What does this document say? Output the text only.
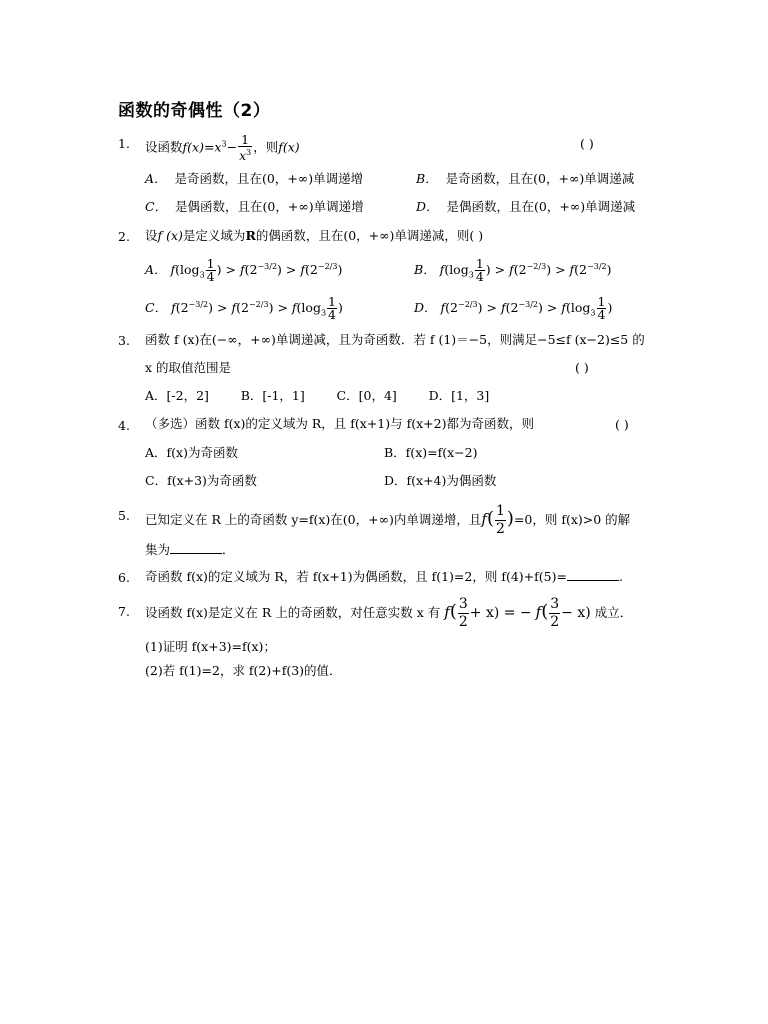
函数的奇偶性（2）
1. 设函数$f(x)=x^3- \frac{1}{x^3}$ ，则f(x)	( )
A． 是奇函数，且在(0，+∞)单调递增	B． 是奇函数，且在(0，+∞)单调递减
C． 是偶函数，且在(0，+∞)单调递增	D． 是偶函数，且在(0，+∞)单调递减
2. 设f (x)是定义域为R的偶函数，且在(0，+∞)单调递减，则( )
A． $f(\log_3 \frac{1}{4}$ ) > $f(2^{-3/2}) > f(2^{-2/3})$	B． $f(\log_3 \frac{1}{4}$ ) > $f(2^{-2/3}) > f(2^{-3/2})$
C． $f(2^{-3/2}) > f(2^{-2/3}) > f(\log_3 \frac{1}{4}$ )	D． $f(2^{-2/3}) > f(2^{-3/2}) > f(\log_3 \frac{1}{4}$ )
3. 函数 f (x)在(−∞，+∞)单调递减，且为奇函数．若 f (1)＝−5，则满足−5≤f (x−2)≤5 的
x 的取值范围是	( )
A．[-2，2]        B．[-1，1]        C．[0，4]        D．[1，3]
4. （多选）函数 f(x)的定义域为 R，且 f(x+1)与 f(x+2)都为奇函数，则	( )
A．f(x)为奇函数	B．f(x)=f(x−2)
C．f(x+3)为奇函数	D．f(x+4)为偶函数
5. 已知定义在 R 上的奇函数 y=f(x)在(0，+∞)内单调递增，且$f( \frac{1}{2} )=0$，则 f(x)>0 的解
集为	．
6. 奇函数 f(x)的定义域为 R，若 f(x+1)为偶函数，且 f(1)=2，则 f(4)+f(5)=	.
7. 设函数 f(x)是定义在 R 上的奇函数，对任意实数 x 有 $f( \frac{3}{2} + x)$ = − $f( \frac{3}{2} - x)$ 成立．
(1)证明 f(x+3)=f(x)；
(2)若 f(1)=2，求 f(2)+f(3)的值．
